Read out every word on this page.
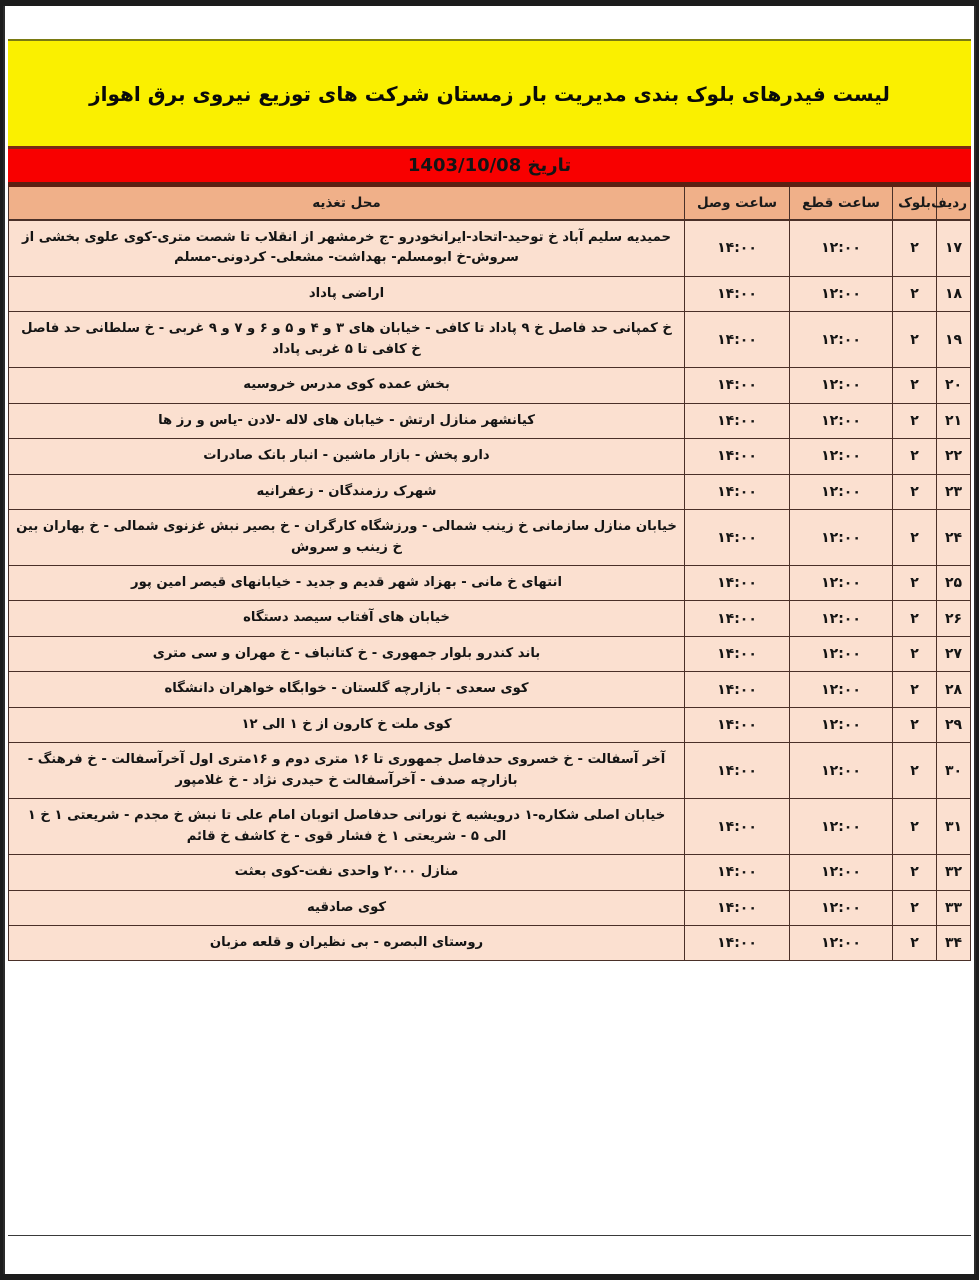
لیست فیدرهای بلوک بندی مدیریت بار زمستان شرکت های توزیع نیروی برق اهواز
تاریخ 1403/10/08
ردیف	بلوک	ساعت قطع	ساعت وصل	محل تغذیه
۱۷	۲	۱۲:۰۰	۱۴:۰۰	حمیدیه سلیم آباد خ توحید-اتحاد-ایرانخودرو -ج خرمشهر از انقلاب تا شصت متری-کوی علوی بخشی از سروش-خ ابومسلم- بهداشت- مشعلی- کردونی-مسلم
۱۸	۲	۱۲:۰۰	۱۴:۰۰	اراضی پاداد
۱۹	۲	۱۲:۰۰	۱۴:۰۰	خ کمپانی حد فاصل خ ۹ پاداد تا کافی - خیابان های ۳ و ۴ و ۵ و ۶ و ۷ و ۹ غربی - خ سلطانی حد فاصل خ کافی تا ۵ غربی پاداد
۲۰	۲	۱۲:۰۰	۱۴:۰۰	بخش عمده کوی مدرس خروسیه
۲۱	۲	۱۲:۰۰	۱۴:۰۰	کیانشهر منازل ارتش - خیابان های لاله -لادن -یاس و رز ها
۲۲	۲	۱۲:۰۰	۱۴:۰۰	دارو پخش - بازار ماشین - انبار بانک صادرات
۲۳	۲	۱۲:۰۰	۱۴:۰۰	شهرک رزمندگان - زعفرانیه
۲۴	۲	۱۲:۰۰	۱۴:۰۰	خیابان منازل سازمانی خ زینب شمالی - ورزشگاه کارگران - خ بصیر نبش غزنوی شمالی - خ بهاران بین خ زینب و سروش
۲۵	۲	۱۲:۰۰	۱۴:۰۰	انتهای خ مانی - بهزاد شهر قدیم و جدید - خیابانهای قیصر امین پور
۲۶	۲	۱۲:۰۰	۱۴:۰۰	خیابان های آفتاب سیصد دستگاه
۲۷	۲	۱۲:۰۰	۱۴:۰۰	باند کندرو بلوار جمهوری - خ کتانباف - خ مهران و سی متری
۲۸	۲	۱۲:۰۰	۱۴:۰۰	کوی سعدی - بازارچه گلستان - خوابگاه خواهران دانشگاه
۲۹	۲	۱۲:۰۰	۱۴:۰۰	کوی ملت خ کارون از خ ۱ الی ۱۲
۳۰	۲	۱۲:۰۰	۱۴:۰۰	آخر آسفالت - خ خسروی حدفاصل جمهوری تا ۱۶ متری دوم و ۱۶متری اول آخرآسفالت - خ فرهنگ - بازارچه صدف - آخرآسفالت خ حیدری نژاد - خ غلامپور
۳۱	۲	۱۲:۰۰	۱۴:۰۰	خیابان اصلی شکاره-۱ درویشیه خ نورانی حدفاصل اتوبان امام علی تا نبش خ مجدم - شریعتی ۱ خ ۱ الی ۵ - شریعتی ۱ خ فشار قوی - خ کاشف خ قائم
۳۲	۲	۱۲:۰۰	۱۴:۰۰	منازل ۲۰۰۰ واحدی نفت-کوی بعثت
۳۳	۲	۱۲:۰۰	۱۴:۰۰	کوی صادقیه
۳۴	۲	۱۲:۰۰	۱۴:۰۰	روستای البصره - بی نظیران و قلعه مزبان
